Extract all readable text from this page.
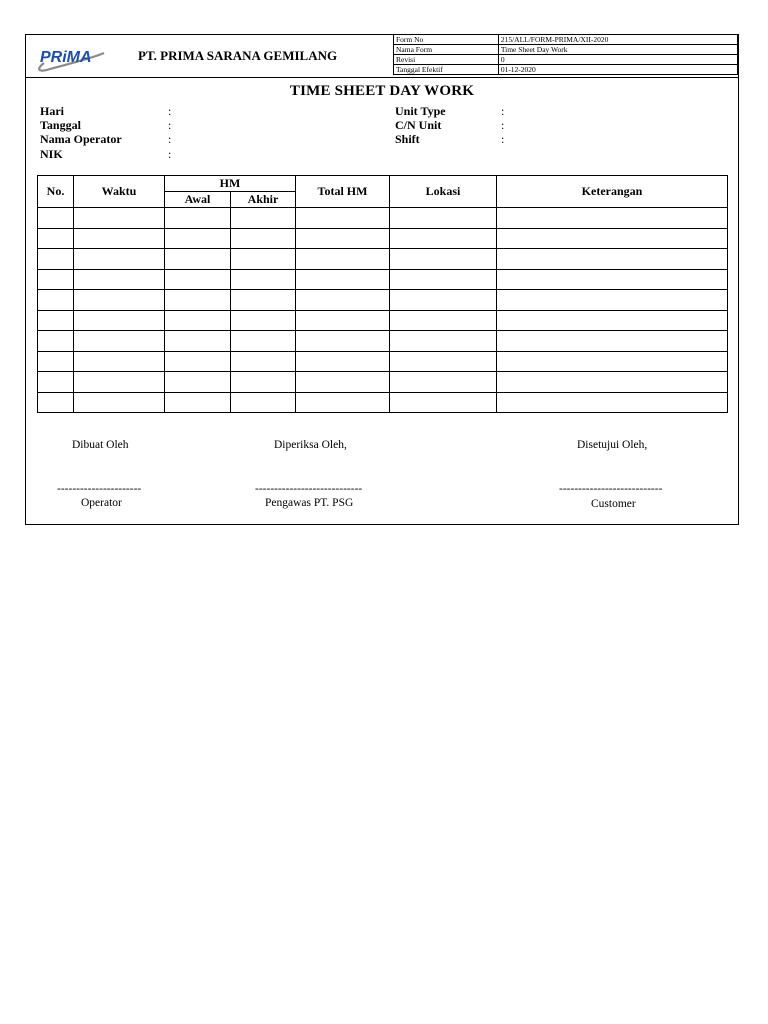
PRiMA	PT. PRIMA SARANA GEMILANG
Form No	215/ALL/FORM-PRIMA/XII-2020
Nama Form	Time Sheet Day Work
Revisi	0
Tanggal Efektif	01-12-2020
TIME SHEET DAY WORK
Hari	:
Tanggal	:
Nama Operator	:
NIK	:
Unit Type	:
C/N Unit	:
Shift	:
No.	Waktu	HM		Total HM	Lokasi	Keterangan
		Awal	Akhir			

Dibuat Oleh
----------------------
Operator
Diperiksa Oleh,
----------------------------
Pengawas PT. PSG
Disetujui Oleh,
---------------------------
Customer
